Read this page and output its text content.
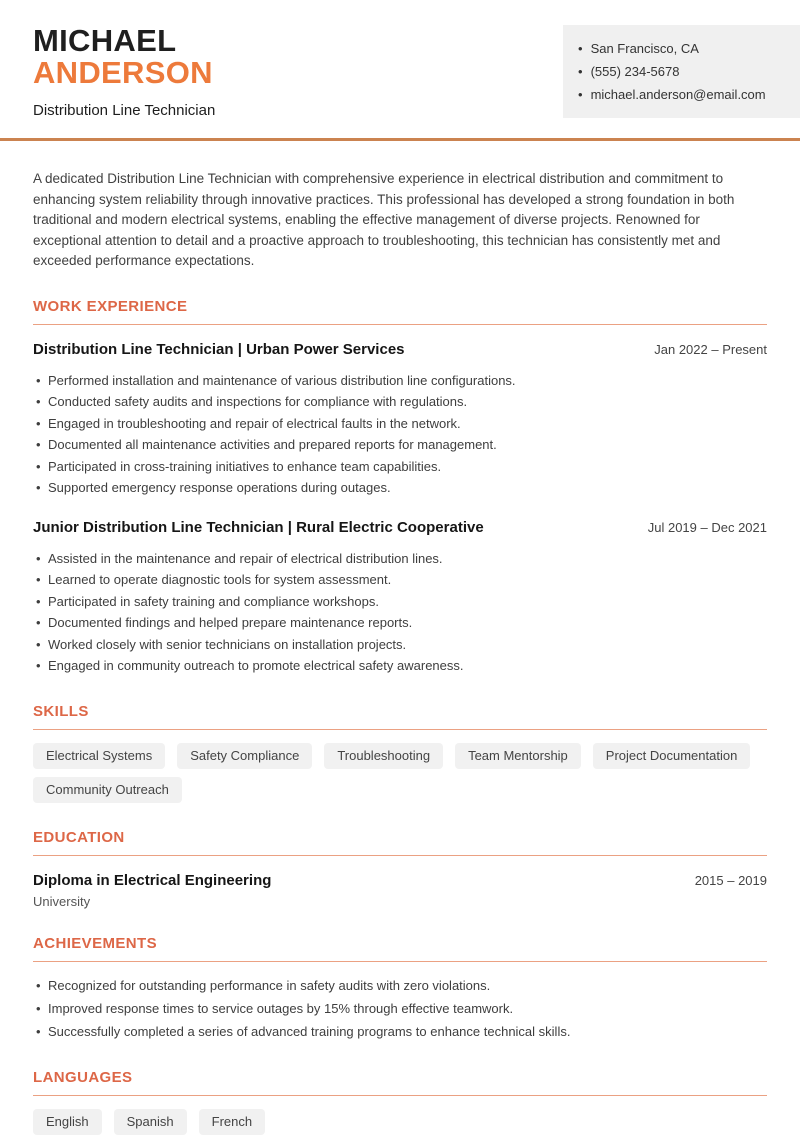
MICHAEL
ANDERSON
Distribution Line Technician
• San Francisco, CA
• (555) 234-5678
• michael.anderson@email.com

A dedicated Distribution Line Technician with comprehensive experience in electrical distribution and commitment to enhancing system reliability through innovative practices. This professional has developed a strong foundation in both traditional and modern electrical systems, enabling the effective management of diverse projects. Renowned for exceptional attention to detail and a proactive approach to troubleshooting, this technician has consistently met and exceeded performance expectations.

WORK EXPERIENCE
Distribution Line Technician | Urban Power Services	Jan 2022 – Present
• Performed installation and maintenance of various distribution line configurations.
• Conducted safety audits and inspections for compliance with regulations.
• Engaged in troubleshooting and repair of electrical faults in the network.
• Documented all maintenance activities and prepared reports for management.
• Participated in cross-training initiatives to enhance team capabilities.
• Supported emergency response operations during outages.
Junior Distribution Line Technician | Rural Electric Cooperative	Jul 2019 – Dec 2021
• Assisted in the maintenance and repair of electrical distribution lines.
• Learned to operate diagnostic tools for system assessment.
• Participated in safety training and compliance workshops.
• Documented findings and helped prepare maintenance reports.
• Worked closely with senior technicians on installation projects.
• Engaged in community outreach to promote electrical safety awareness.
SKILLS
Electrical Systems	Safety Compliance	Troubleshooting	Team Mentorship	Project Documentation
Community Outreach
EDUCATION
Diploma in Electrical Engineering	2015 – 2019
University
ACHIEVEMENTS
• Recognized for outstanding performance in safety audits with zero violations.
• Improved response times to service outages by 15% through effective teamwork.
• Successfully completed a series of advanced training programs to enhance technical skills.
LANGUAGES
English	Spanish	French
